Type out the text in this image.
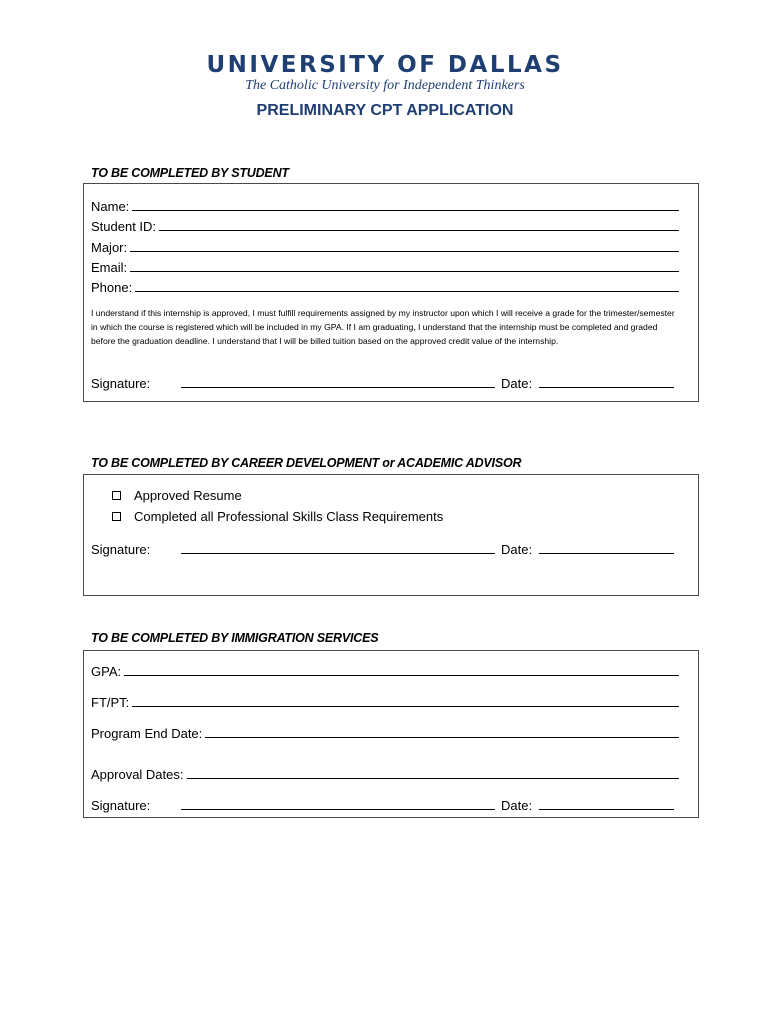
UNIVERSITY OF DALLAS
The Catholic University for Independent Thinkers
PRELIMINARY CPT APPLICATION
TO BE COMPLETED BY STUDENT
Name:
Student ID:
Major:
Email:
Phone:
I understand if this internship is approved, I must fulfill requirements assigned by my instructor upon which I will receive a grade for the trimester/semester in which the course is registered which will be included in my GPA. If I am graduating, I understand that the internship must be completed and graded before the graduation deadline. I understand that I will be billed tuition based on the approved credit value of the internship.
Signature:	Date:
TO BE COMPLETED BY CAREER DEVELOPMENT or ACADEMIC ADVISOR
Approved Resume
Completed all Professional Skills Class Requirements
Signature:	Date:
TO BE COMPLETED BY IMMIGRATION SERVICES
GPA:
FT/PT:
Program End Date:
Approval Dates:
Signature:	Date:
